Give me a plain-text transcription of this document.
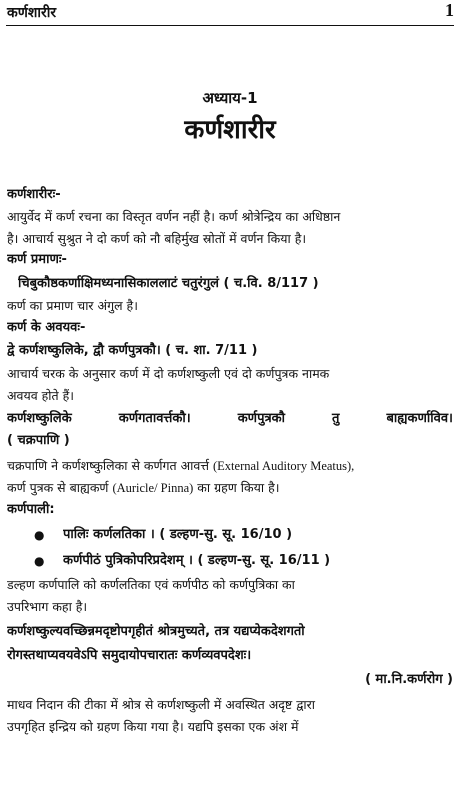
कर्णशारीर	1
अध्याय-1
कर्णशारीर
कर्णशारीरः-
आयुर्वेद में कर्ण रचना का विस्तृत वर्णन नहीं है। कर्ण श्रोत्रेन्द्रिय का अधिष्ठान
है। आचार्य सुश्रुत ने दो कर्ण को नौ बहिर्मुख स्रोतों में वर्णन किया है।
कर्ण प्रमाणः-
चिबुकौष्ठकर्णाक्षिमध्यनासिकाललाटं चतुरंगुलं ( च.वि. 8/117 )
कर्ण का प्रमाण चार अंगुल है।
कर्ण के अवयवः-
द्वे कर्णशष्कुलिके, द्वौ कर्णपुत्रकौ। ( च. शा. 7/11 )
आचार्य चरक के अनुसार कर्ण में दो कर्णशष्कुली एवं दो कर्णपुत्रक नामक
अवयव होते हैं।
कर्णशष्कुलिके	कर्णगतावर्त्तकौ।	कर्णपुत्रकौ	तु	बाह्यकर्णाविव।
( चक्रपाणि )
चक्रपाणि ने कर्णशष्कुलिका से कर्णगत आवर्त्त (External Auditory Meatus),
कर्ण पुत्रक से बाह्यकर्ण (Auricle/ Pinna) का ग्रहण किया है।
कर्णपाली:
● पालिः कर्णलतिका । ( डल्हण-सु. सू. 16/10 )
● कर्णपीठं पुत्रिकोपरिप्रदेशम् । ( डल्हण-सु. सू. 16/11 )
डल्हण कर्णपालि को कर्णलतिका एवं कर्णपीठ को कर्णपुत्रिका का
उपरिभाग कहा है।
कर्णशष्कुल्यवच्छिन्नमदृष्टोपगृहीतं श्रोत्रमुच्यते, तत्र यद्यप्येकदेशगतो
रोगस्तथाप्यवयवेऽपि समुदायोपचारातः कर्णव्यवपदेशः।
( मा.नि.कर्णरोग )
माधव निदान की टीका में श्रोत्र से कर्णशष्कुली में अवस्थित अदृष्ट द्वारा
उपगृहित इन्द्रिय को ग्रहण किया गया है। यद्यपि इसका एक अंश में
